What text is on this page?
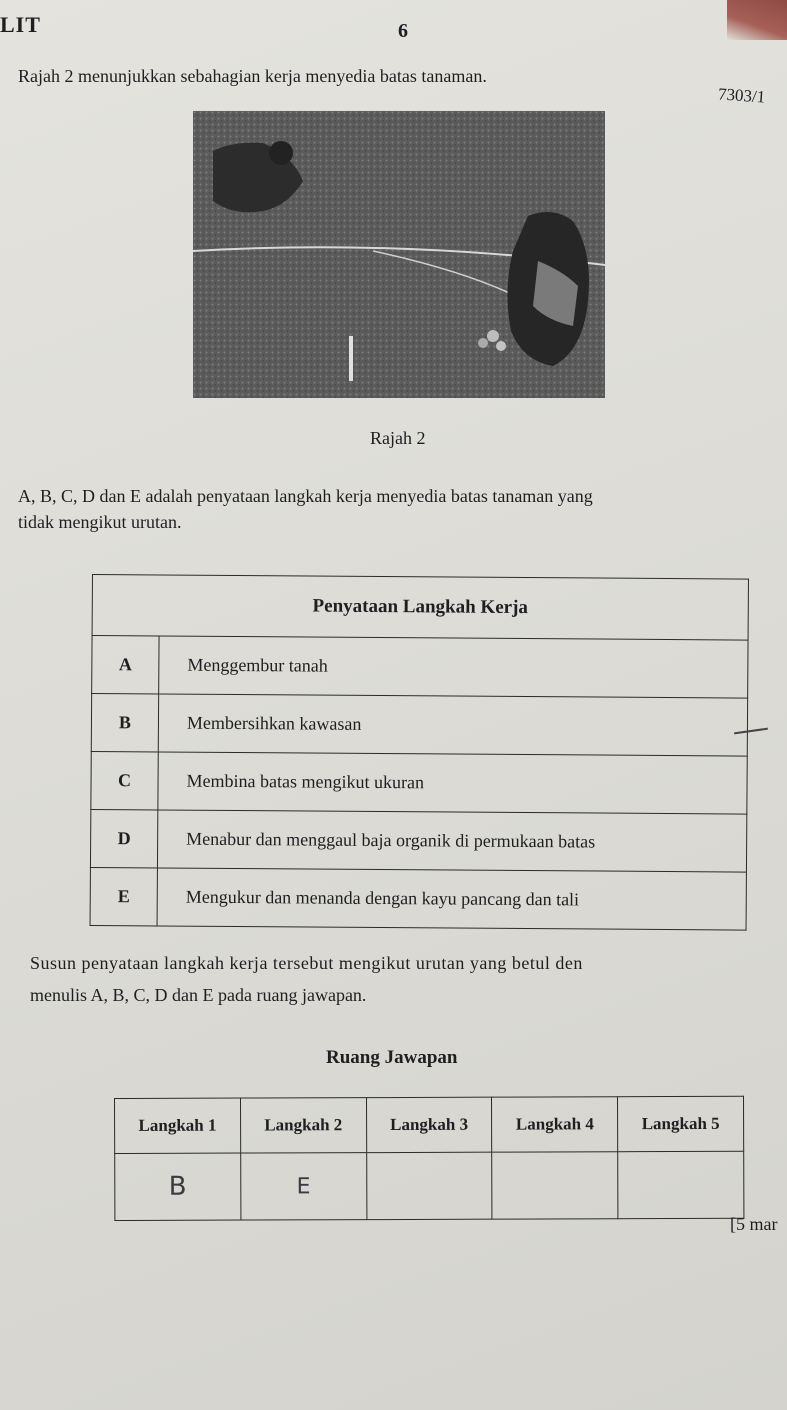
LIT	6
7303/1
Rajah 2 menunjukkan sebahagian kerja menyedia batas tanaman.
Rajah 2
A, B, C, D dan E adalah penyataan langkah kerja menyedia batas tanaman yang
tidak mengikut urutan.
Penyataan Langkah Kerja	
A	Menggembur tanah
B	Membersihkan kawasan
C	Membina batas mengikut ukuran
D	Menabur dan menggaul baja organik di permukaan batas
E	Mengukur dan menanda dengan kayu pancang dan tali
Susun penyataan langkah kerja tersebut mengikut urutan yang betul den
menulis A, B, C, D dan E pada ruang jawapan.
Ruang Jawapan
Langkah 1	Langkah 2	Langkah 3	Langkah 4	Langkah 5
B	E			
[5 mar
